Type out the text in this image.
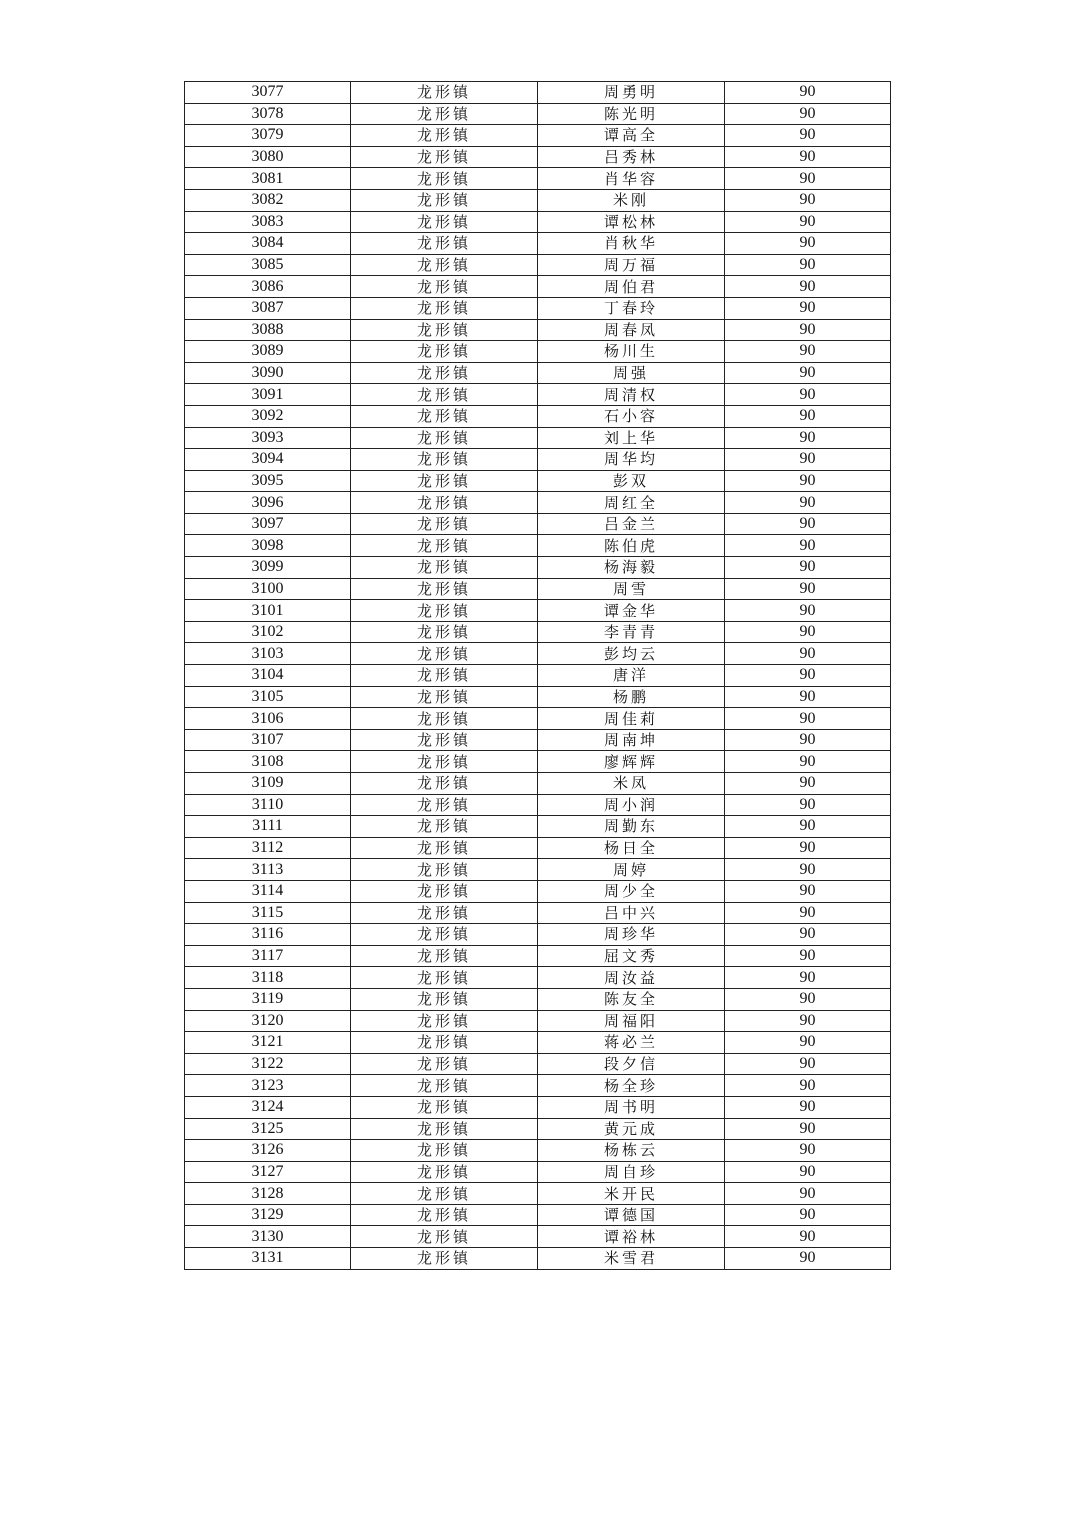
3077	龙形镇	周勇明	90
3078	龙形镇	陈光明	90
3079	龙形镇	谭高全	90
3080	龙形镇	吕秀林	90
3081	龙形镇	肖华容	90
3082	龙形镇	米刚	90
3083	龙形镇	谭松林	90
3084	龙形镇	肖秋华	90
3085	龙形镇	周万福	90
3086	龙形镇	周伯君	90
3087	龙形镇	丁春玲	90
3088	龙形镇	周春凤	90
3089	龙形镇	杨川生	90
3090	龙形镇	周强	90
3091	龙形镇	周清权	90
3092	龙形镇	石小容	90
3093	龙形镇	刘上华	90
3094	龙形镇	周华均	90
3095	龙形镇	彭双	90
3096	龙形镇	周红全	90
3097	龙形镇	吕金兰	90
3098	龙形镇	陈伯虎	90
3099	龙形镇	杨海毅	90
3100	龙形镇	周雪	90
3101	龙形镇	谭金华	90
3102	龙形镇	李青青	90
3103	龙形镇	彭均云	90
3104	龙形镇	唐洋	90
3105	龙形镇	杨鹏	90
3106	龙形镇	周佳莉	90
3107	龙形镇	周南坤	90
3108	龙形镇	廖辉辉	90
3109	龙形镇	米凤	90
3110	龙形镇	周小润	90
3111	龙形镇	周勤东	90
3112	龙形镇	杨日全	90
3113	龙形镇	周婷	90
3114	龙形镇	周少全	90
3115	龙形镇	吕中兴	90
3116	龙形镇	周珍华	90
3117	龙形镇	屈文秀	90
3118	龙形镇	周汝益	90
3119	龙形镇	陈友全	90
3120	龙形镇	周福阳	90
3121	龙形镇	蒋必兰	90
3122	龙形镇	段夕信	90
3123	龙形镇	杨全珍	90
3124	龙形镇	周书明	90
3125	龙形镇	黄元成	90
3126	龙形镇	杨栋云	90
3127	龙形镇	周自珍	90
3128	龙形镇	米开民	90
3129	龙形镇	谭德国	90
3130	龙形镇	谭裕林	90
3131	龙形镇	米雪君	90
